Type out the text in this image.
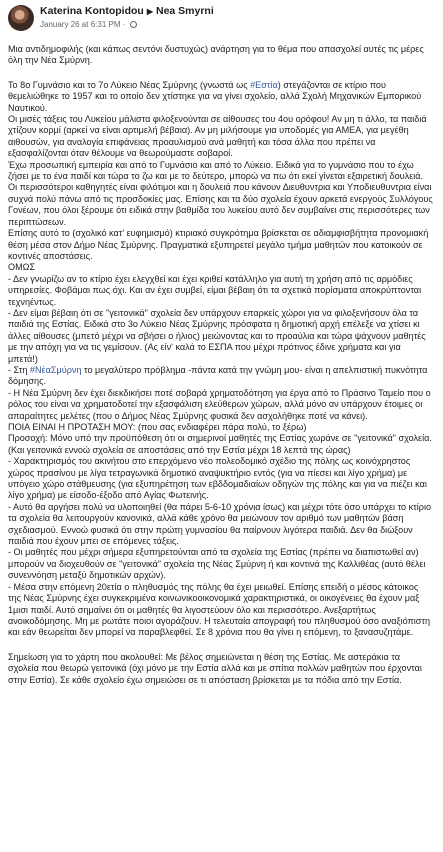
Katerina Kontopidou ▶ Nea Smyrni
January 26 at 6:31 PM ·

Μια αντιδημοφιλής (και κάπως σεντόνι δυστυχώς) ανάρτηση για το θέμα που απασχολεί αυτές τις μέρες όλη την Νέα Σμύρνη.

Το 8ο Γυμνάσιο και το 7ο Λύκειο Νέας Σμύρνης (γνωστά ως #Εστία) στεγάζονται σε κτίριο που θεμελιώθηκε το 1957 και το οποίο δεν χτίστηκε για να γίνει σχολείο, αλλά Σχολή Μηχανικών Εμπορικού Ναυτικού.

Οι μισές τάξεις του Λυκείου μάλιστα φιλοξενούνται σε αίθουσες του 4ου ορόφου! Αν μη τι άλλο, τα παιδιά χτίζουν κορμί (αρκεί να είναι αρτιμελή βέβαια). Αν μη μιλήσουμε για υποδομές για ΑΜΕΑ, για μεγέθη αιθουσών, για αναλογία επιφάνειας προαυλισμού ανά μαθητή και τόσα άλλα που πρέπει να εξασφαλίζονται όταν θέλουμε να θεωρούμαστε σοβαροί.

Έχω προσωπική εμπειρία και από το Γυμνάσιο και από το Λύκειο. Ειδικά για το γυμνάσιο που το έχω ζήσει με το ένα παιδί και τώρα το ζω και με το δεύτερο, μπορώ να πω ότι εκεί γίνεται εξαιρετική δουλειά. Οι περισσότεροι καθηγητές είναι φιλότιμοι και η δουλειά που κάνουν Διευθυντρια και Υποδιευθυντρια είναι συχνά πολύ πάνω από τις προσδοκίες μας. Επίσης και τα δύο σχολεία έχουν αρκετά ενεργούς Συλλόγους Γονέων, που όλοι ξέρουμε ότι ειδικά στην βαθμίδα του λυκείου αυτό δεν συμβαίνει στις περισσότερες των περιπτώσεων.

Επίσης αυτό το (σχολικό κατ' ευφημισμό) κτιριακό συγκρότημα βρίσκεται σε αδιαμφισβήτητα προνομιακή θέση μέσα στον Δήμο Νέας Σμύρνης. Πραγματικά εξυπηρετεί μεγάλο τμήμα μαθητών που κατοικούν σε κοντινές αποστάσεις.

ΟΜΩΣ

- Δεν γνωρίζω αν το κτίριο έχει ελεγχθεί και έχει κριθεί κατάλληλο για αυτή τη χρήση από τις αρμόδιες υπηρεσίες. Φοβάμαι πως όχι. Και αν έχει συμβεί, είμαι βέβαιη ότι τα σχετικά πορίσματα αποκρύπτονται τεχνηέντως.

- Δεν είμαι βέβαιη ότι σε "γειτονικά" σχολεία δεν υπάρχουν επαρκείς χώροι για να φιλοξενήσουν όλα τα παιδιά της Εστίας. Ειδικά στο 3ο Λύκειο Νέας Σμύρνης πρόσφατα η δημοτική αρχή επέλεξε να χτίσει κι άλλες αίθουσες (μπετό μέχρι να σβήσει ο ήλιος) μειώνοντας και το προαύλια και τώρα ψάχνουν μαθητές με την απόχη για να τις γεμίσουν. (Ας είν' καλά το ΕΣΠΑ που μέχρι πρότινος έδινε χρήματα και για μπετά!)

- Στη #ΝέαΣμύρνη το μεγαλύτερο πρόβλημα -πάντα κατά την γνώμη μου- είναι η απελπιστική πυκνότητα δόμησης.

- Η Νέα Σμύρνη δεν έχει διεκδικήσει ποτέ σοβαρά χρηματοδότηση για έργα από το Πράσινο Ταμείο που ο ρόλος του είναι να χρηματοδοτεί την εξασφάλιση ελεύθερων χώρων, αλλά μόνο αν υπάρχουν έτοιμες οι απαραίτητες μελέτες (που ο Δήμος Νέας Σμύρνης φυσικά δεν ασχολήθηκε ποτέ να κάνει).

ΠΟΙΑ ΕΙΝΑΙ Η ΠΡΟΤΑΣΗ ΜΟΥ: (που σας ενδιαφέρει πάρα πολύ, το ξέρω)

Προσοχή: Μόνο υπό την προϋπόθεση ότι οι σημερινοί μαθητές της Εστίας χωράνε σε "γειτονικά" σχολεία. (Και γειτονικά εννοώ σχολεία σε αποστάσεις από την Εστία μέχρι 18 λεπτά της ώρας)

- Χαρακτηρισμός του ακινήτου στο επερχόμενο νέο πολεοδομικό σχέδιο της πόλης ως κοινόχρηστος χώρος πρασίνου με λίγα τετραγωνικά δημοτικό αναψυκτήριο εντός (για να πίεσει και λίγο χρήμα) με υπόγειο χώρο στάθμευσης (για εξυπηρέτηση των εβδδομαδιαίων οδηγών της πόλης και για να πιέζει και λίγο χρήμα) με είσοδο-έξοδο από Αγίας Φωτεινής.

- Αυτό θα αργήσει πολύ να υλοποιηθεί (θα πάρει 5-6-10 χρόνια ίσως) και μέχρι τότε όσο υπάρχει το κτίριο τα σχολεία θα λειτουργούν κανονικά, αλλά κάθε χρόνο θα μειώνουν τον αριθμό των μαθητών βάση σχεδιασμού. Εννοώ φυσικά ότι στην πρώτη γυμνασίου θα παίρνουν λιγότερα παιδιά. Δεν θα διώξουν παιδιά που έχουν μπει σε επόμενες τάξεις.

- Οι μαθητές που μέχρι σήμερα εξυπηρετούνται από τα σχολεία της Εστίας (πρέπει να διαπιστωθεί αν) μπορούν να διοχευθούν σε "γειτονικά" σχολεία της Νέας Σμύρνη ή και κοντινά της Καλλιθέας (αυτό θέλει συνεννόηση μεταξύ δημοτικών αρχών).

- Μέσα στην επόμενη 20ετία ο πληθυσμός της πόλης θα έχει μειωθεί. Επίσης επειδή ο μέσος κάτοικος της Νέας Σμύρνης έχει συγκεκριμένα κοινωνικοοικονομικά χαρακτηριστικά, οι οικογένειες θα έχουν μαξ 1μισι παιδί. Αυτό σημαίνει ότι οι μαθητές θα λιγοστεύουν όλο και περισσότερο. Ανεξαρτήτως ανοικοδόμησης. Μη με ρωτάτε ποιοι αγοράζουν. Η τελευταία απογραφή του πληθυσμού όσο αναξιόπιστη και εάν θεωρείται δεν μπορεί να παραβλεφθεί. Σε 8 χρόνια που θα γίνει η επόμενη, το ξανασυζητάμε.

Σημείωση για το χάρτη που ακολουθεί: Με βέλος σημειώνεται η θέση της Εστίας. Με αστεράκια τα σχολεία που θεωρώ γειτονικά (όχι μόνο με την Εστία αλλά και με σπίτια πολλών μαθητών που έρχονται στην Εστία). Σε κάθε σχολείο έχω σημειώσει σε τι απόσταση βρίσκεται με τα πόδια από την Εστία.
